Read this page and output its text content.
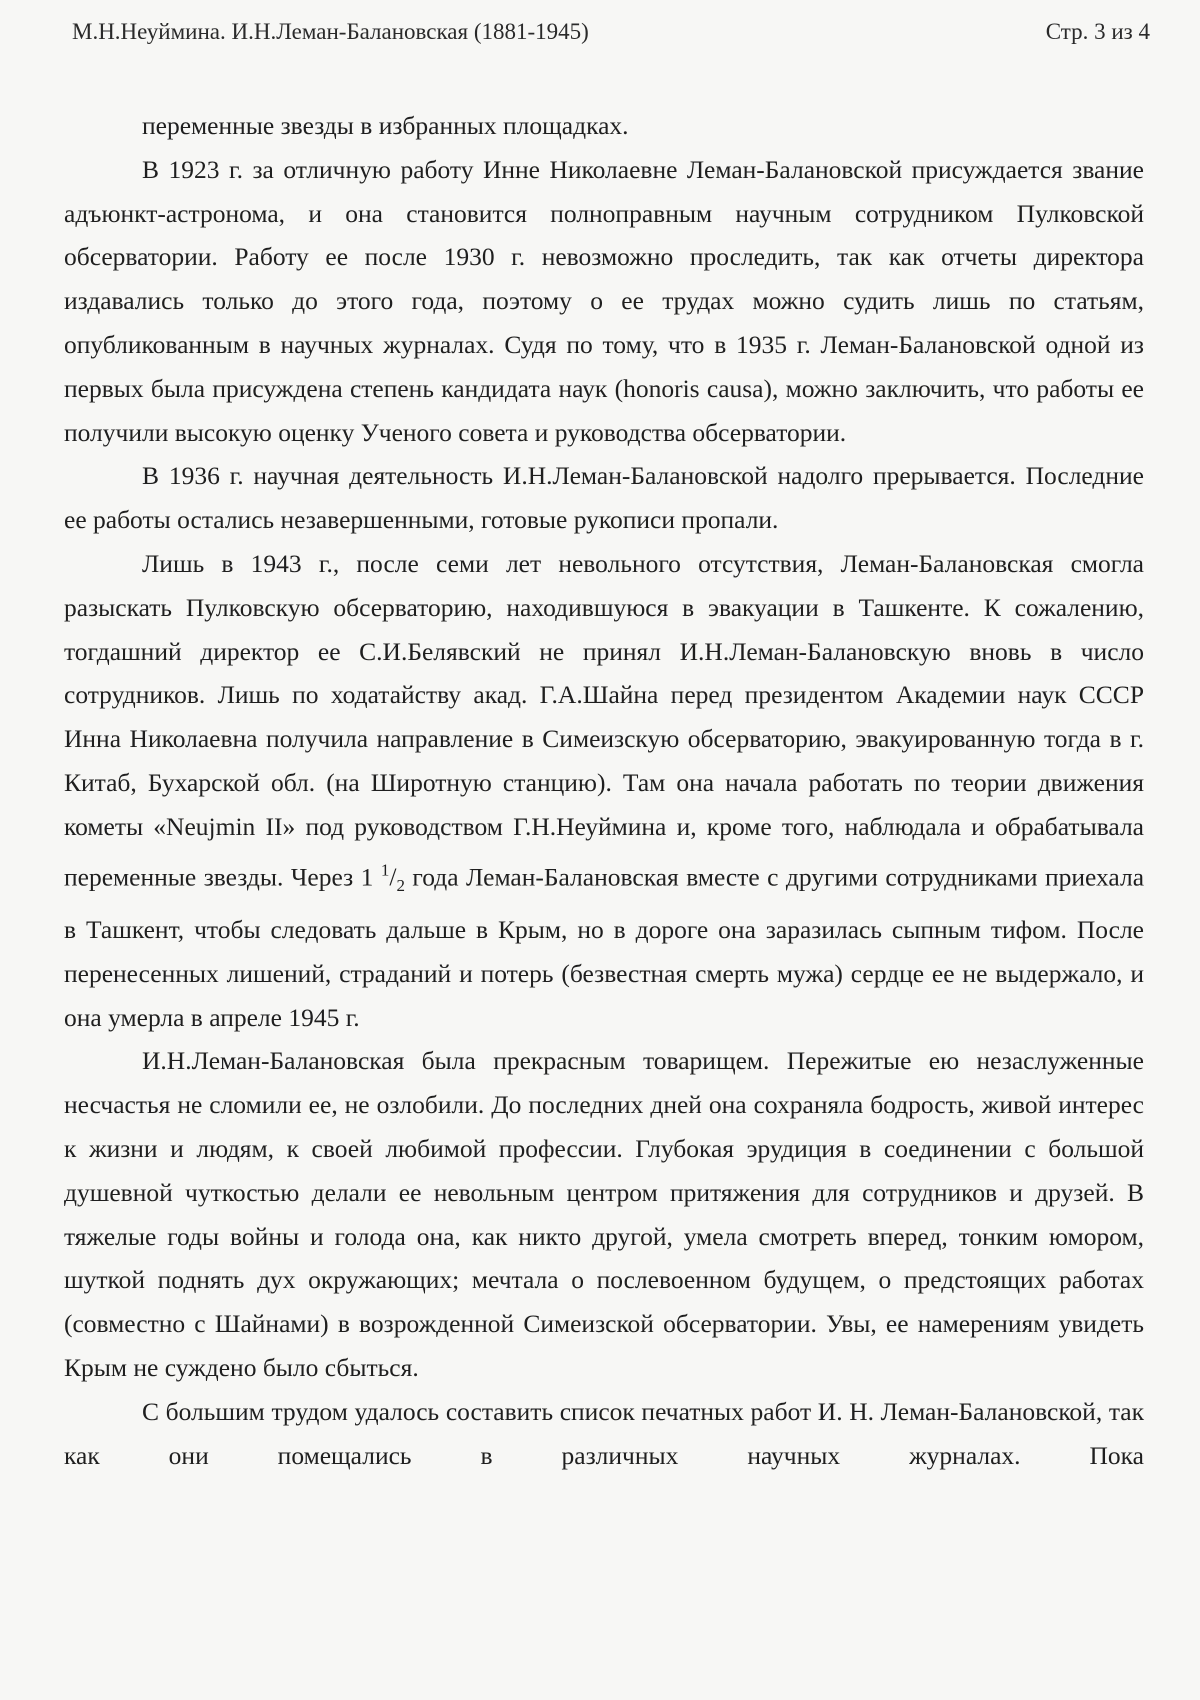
М.Н.Неуймина. И.Н.Леман-Балановская (1881-1945)	Стр. 3 из 4

переменные звезды в избранных площадках.

В 1923 г. за отличную работу Инне Николаевне Леман-Балановской присуждается звание адъюнкт-астронома, и она становится полноправным научным сотрудником Пулковской обсерватории. Работу ее после 1930 г. невозможно проследить, так как отчеты директора издавались только до этого года, поэтому о ее трудах можно судить лишь по статьям, опубликованным в научных журналах. Судя по тому, что в 1935 г. Леман-Балановской одной из первых была присуждена степень кандидата наук (honoris causa), можно заключить, что работы ее получили высокую оценку Ученого совета и руководства обсерватории.

В 1936 г. научная деятельность И.Н.Леман-Балановской надолго прерывается. Последние ее работы остались незавершенными, готовые рукописи пропали.

Лишь в 1943 г., после семи лет невольного отсутствия, Леман-Балановская смогла разыскать Пулковскую обсерваторию, находившуюся в эвакуации в Ташкенте. К сожалению, тогдашний директор ее С.И.Белявский не принял И.Н.Леман-Балановскую вновь в число сотрудников. Лишь по ходатайству акад. Г.А.Шайна перед президентом Академии наук СССР Инна Николаевна получила направление в Симеизскую обсерваторию, эвакуированную тогда в г. Китаб, Бухарской обл. (на Широтную станцию). Там она начала работать по теории движения кометы «Neujmin II» под руководством Г.Н.Неуймина и, кроме того, наблюдала и обрабатывала переменные звезды. Через 1 $^1/_2$ года Леман-Балановская вместе с другими сотрудниками приехала в Ташкент, чтобы следовать дальше в Крым, но в дороге она заразилась сыпным тифом. После перенесенных лишений, страданий и потерь (безвестная смерть мужа) сердце ее не выдержало, и она умерла в апреле 1945 г.

И.Н.Леман-Балановская была прекрасным товарищем. Пережитые ею незаслуженные несчастья не сломили ее, не озлобили. До последних дней она сохраняла бодрость, живой интерес к жизни и людям, к своей любимой профессии. Глубокая эрудиция в соединении с большой душевной чуткостью делали ее невольным центром притяжения для сотрудников и друзей. В тяжелые годы войны и голода она, как никто другой, умела смотреть вперед, тонким юмором, шуткой поднять дух окружающих; мечтала о послевоенном будущем, о предстоящих работах (совместно с Шайнами) в возрожденной Симеизской обсерватории. Увы, ее намерениям увидеть Крым не суждено было сбыться.

С большим трудом удалось составить список печатных работ И. Н. Леман-Балановской, так как они помещались в различных научных журналах. Пока
